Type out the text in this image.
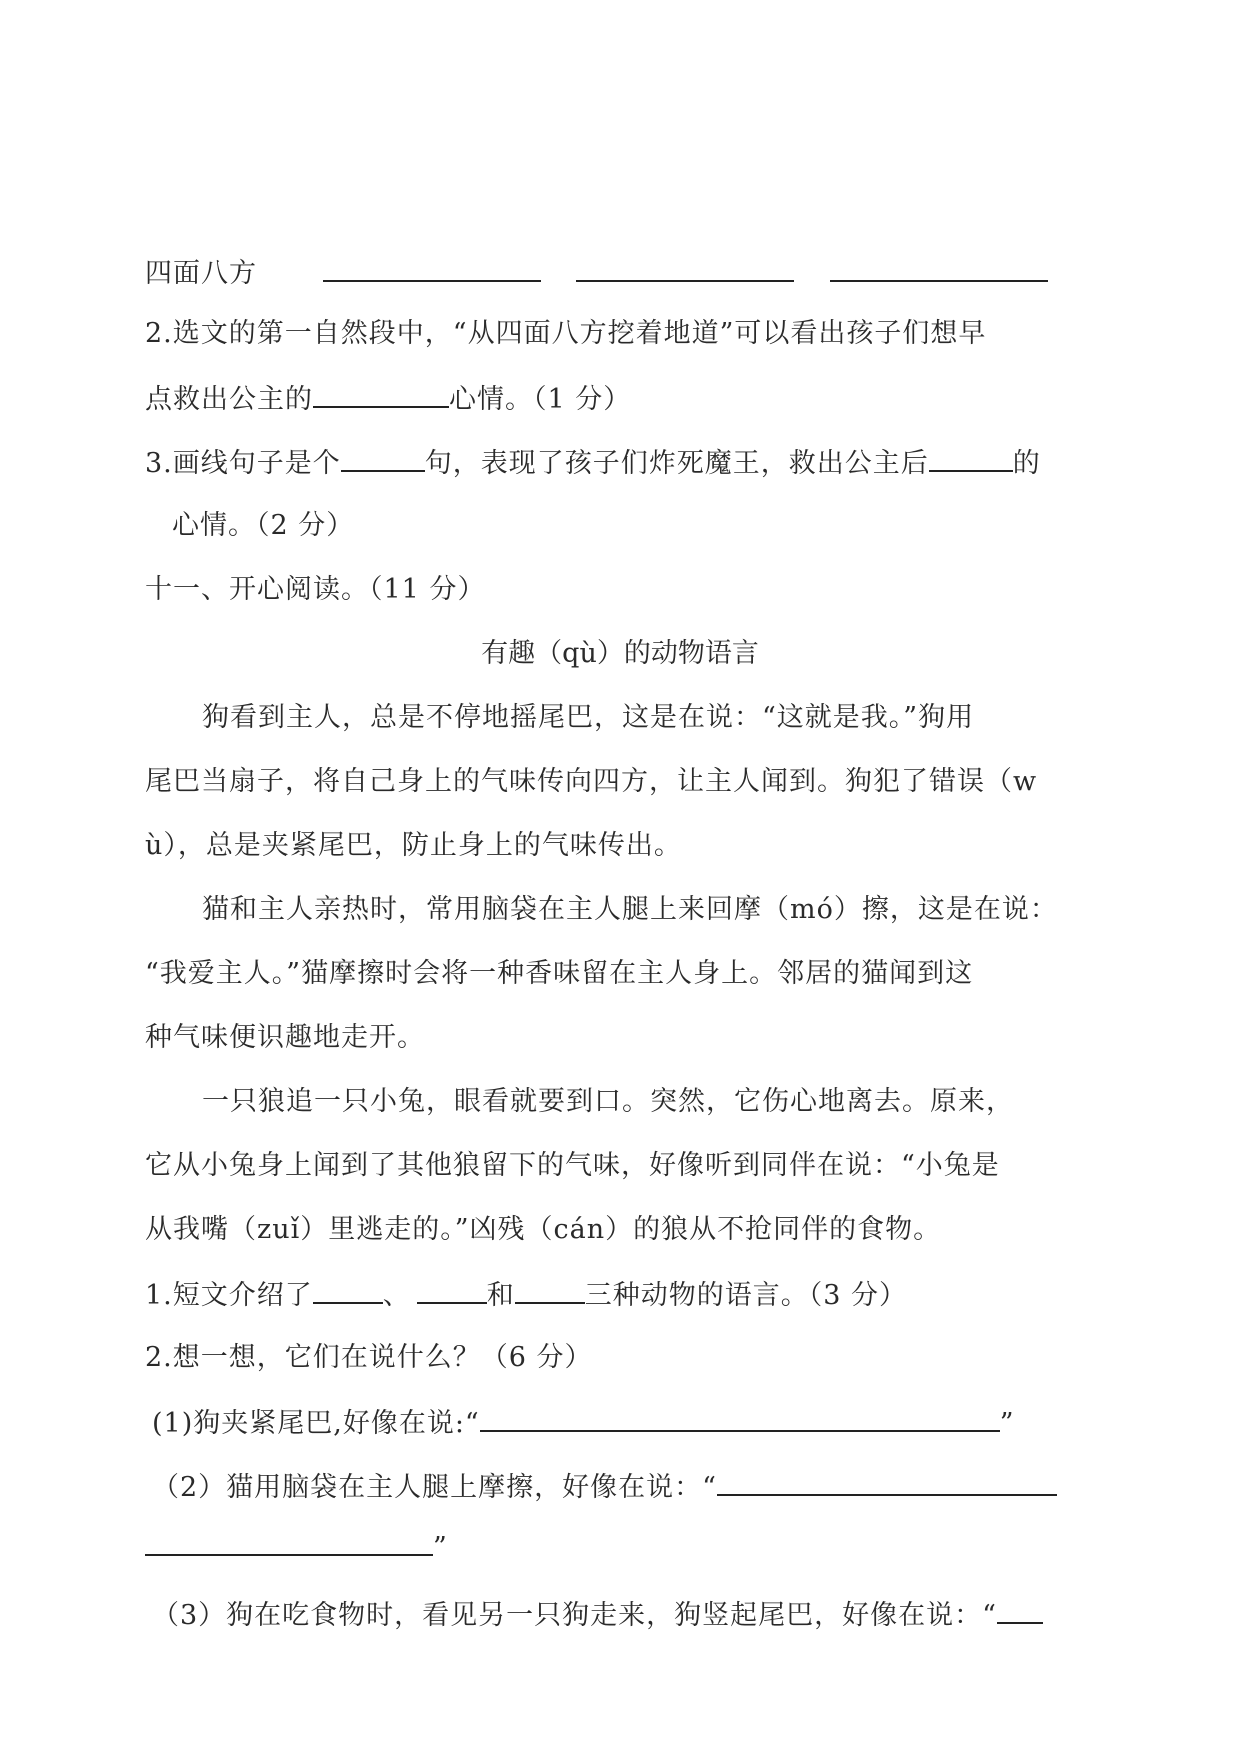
四面八方
2.选文的第一自然段中，“从四面八方挖着地道”可以看出孩子们想早
点救出公主的	心情。（1 分）
3.画线句子是个	句，表现了孩子们炸死魔王，救出公主后	的
心情。（2 分）
十一、开心阅读。（11 分）
有趣（qù）的动物语言
狗看到主人，总是不停地摇尾巴，这是在说：“这就是我。”狗用
尾巴当扇子，将自己身上的气味传向四方，让主人闻到。狗犯了错误（w
ù），总是夹紧尾巴，防止身上的气味传出。
猫和主人亲热时，常用脑袋在主人腿上来回摩（mó）擦，这是在说：
“我爱主人。”猫摩擦时会将一种香味留在主人身上。邻居的猫闻到这
种气味便识趣地走开。
一只狼追一只小兔，眼看就要到口。突然，它伤心地离去。原来，
它从小兔身上闻到了其他狼留下的气味，好像听到同伴在说：“小兔是
从我嘴（zuǐ）里逃走的。”凶残（cán）的狼从不抢同伴的食物。
1.短文介绍了	、	和	三种动物的语言。（3 分）
2.想一想，它们在说什么？（6 分）
(1)狗夹紧尾巴,好像在说:“	”
（2）猫用脑袋在主人腿上摩擦，好像在说：“
”
（3）狗在吃食物时，看见另一只狗走来，狗竖起尾巴，好像在说：“
